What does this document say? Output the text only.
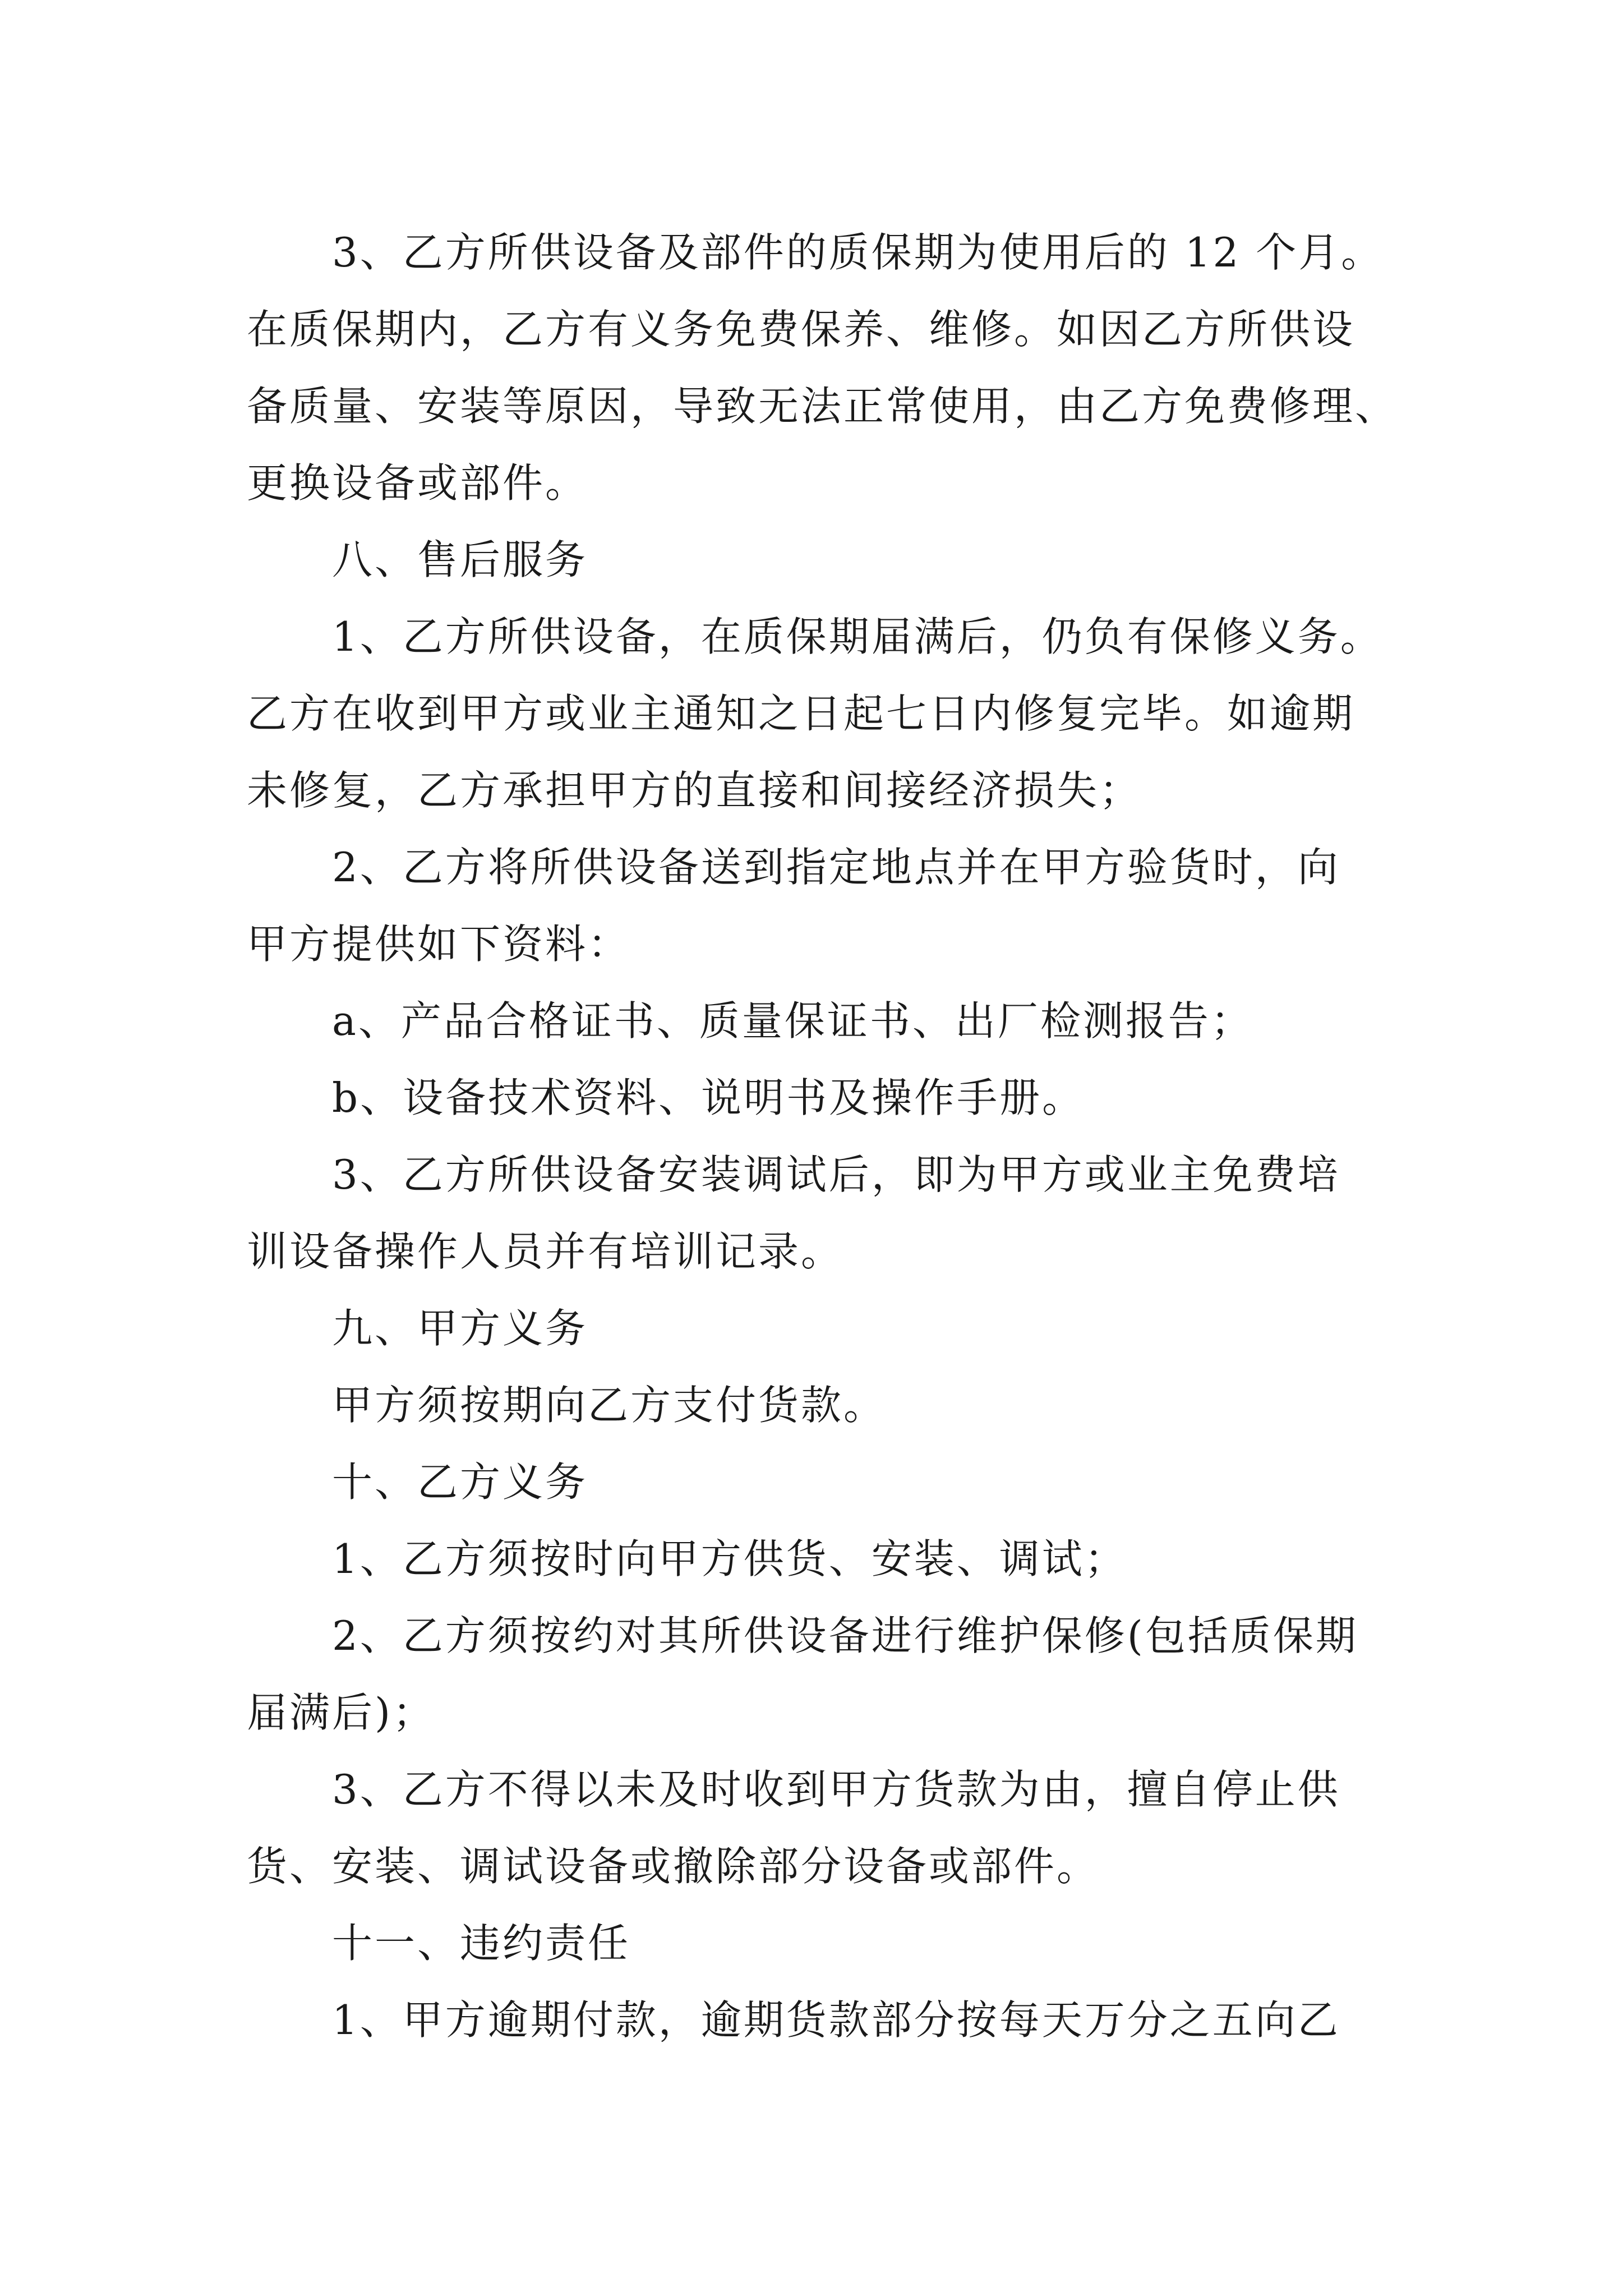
3、乙方所供设备及部件的质保期为使用后的 12 个月。
在质保期内，乙方有义务免费保养、维修。如因乙方所供设
备质量、安装等原因，导致无法正常使用，由乙方免费修理、
更换设备或部件。
八、售后服务
1、乙方所供设备，在质保期届满后，仍负有保修义务。
乙方在收到甲方或业主通知之日起七日内修复完毕。如逾期
未修复，乙方承担甲方的直接和间接经济损失；
2、乙方将所供设备送到指定地点并在甲方验货时，向
甲方提供如下资料：
a、产品合格证书、质量保证书、出厂检测报告；
b、设备技术资料、说明书及操作手册。
3、乙方所供设备安装调试后，即为甲方或业主免费培
训设备操作人员并有培训记录。
九、甲方义务
甲方须按期向乙方支付货款。
十、乙方义务
1、乙方须按时向甲方供货、安装、调试；
2、乙方须按约对其所供设备进行维护保修(包括质保期
届满后)；
3、乙方不得以未及时收到甲方货款为由，擅自停止供
货、安装、调试设备或撤除部分设备或部件。
十一、违约责任
1、甲方逾期付款，逾期货款部分按每天万分之五向乙
